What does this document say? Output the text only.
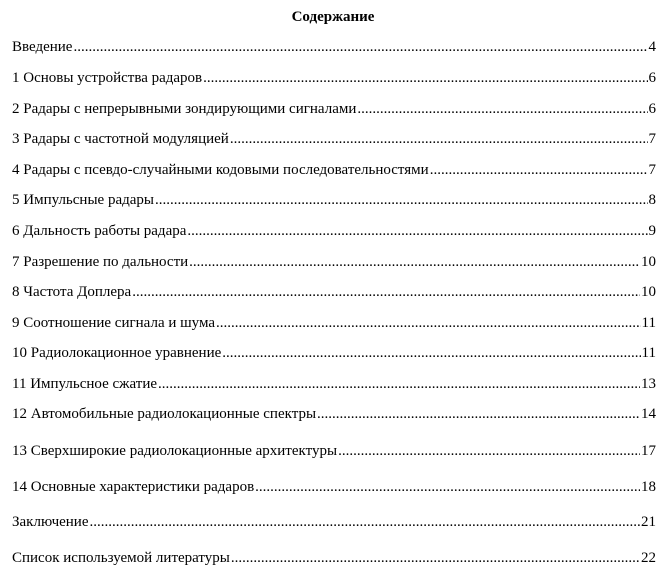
Содержание
Введение .....	4
1 Основы устройства радаров .....	6
2 Радары с непрерывными зондирующими сигналами .....	6
3 Радары с частотной модуляцией .....	7
4 Радары с псевдо-случайными кодовыми последовательностями .....	7
5 Импульсные радары .....	8
6 Дальность работы радара .....	9
7 Разрешение по дальности .....	10
8 Частота Доплера .....	10
9 Соотношение сигнала и шума .....	11
10 Радиолокационное уравнение .....	11
11 Импульсное сжатие .....	13
12 Автомобильные радиолокационные спектры .....	14
13 Сверхширокие радиолокационные архитектуры .....	17
14 Основные характеристики радаров .....	18
Заключение .....	21
Список используемой литературы .....	22
